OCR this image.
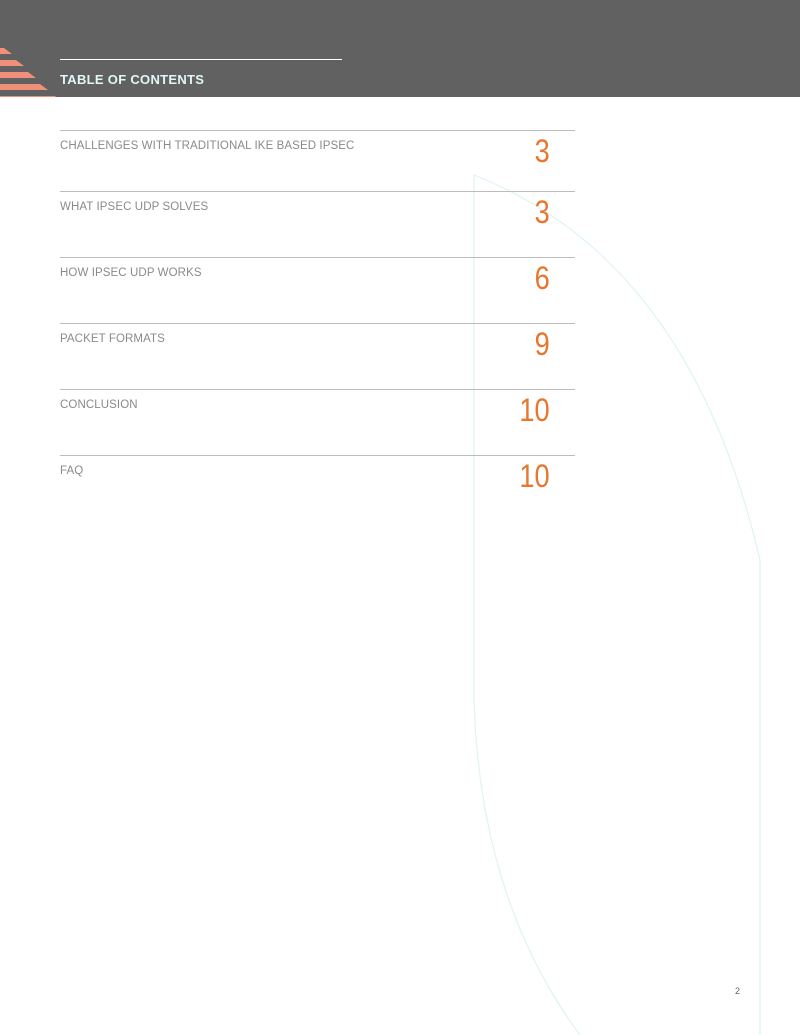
TABLE OF CONTENTS
CHALLENGES WITH TRADITIONAL IKE BASED IPSEC	3
WHAT IPSEC UDP SOLVES	3
HOW IPSEC UDP WORKS	6
PACKET FORMATS	9
CONCLUSION	10
FAQ	10
2
